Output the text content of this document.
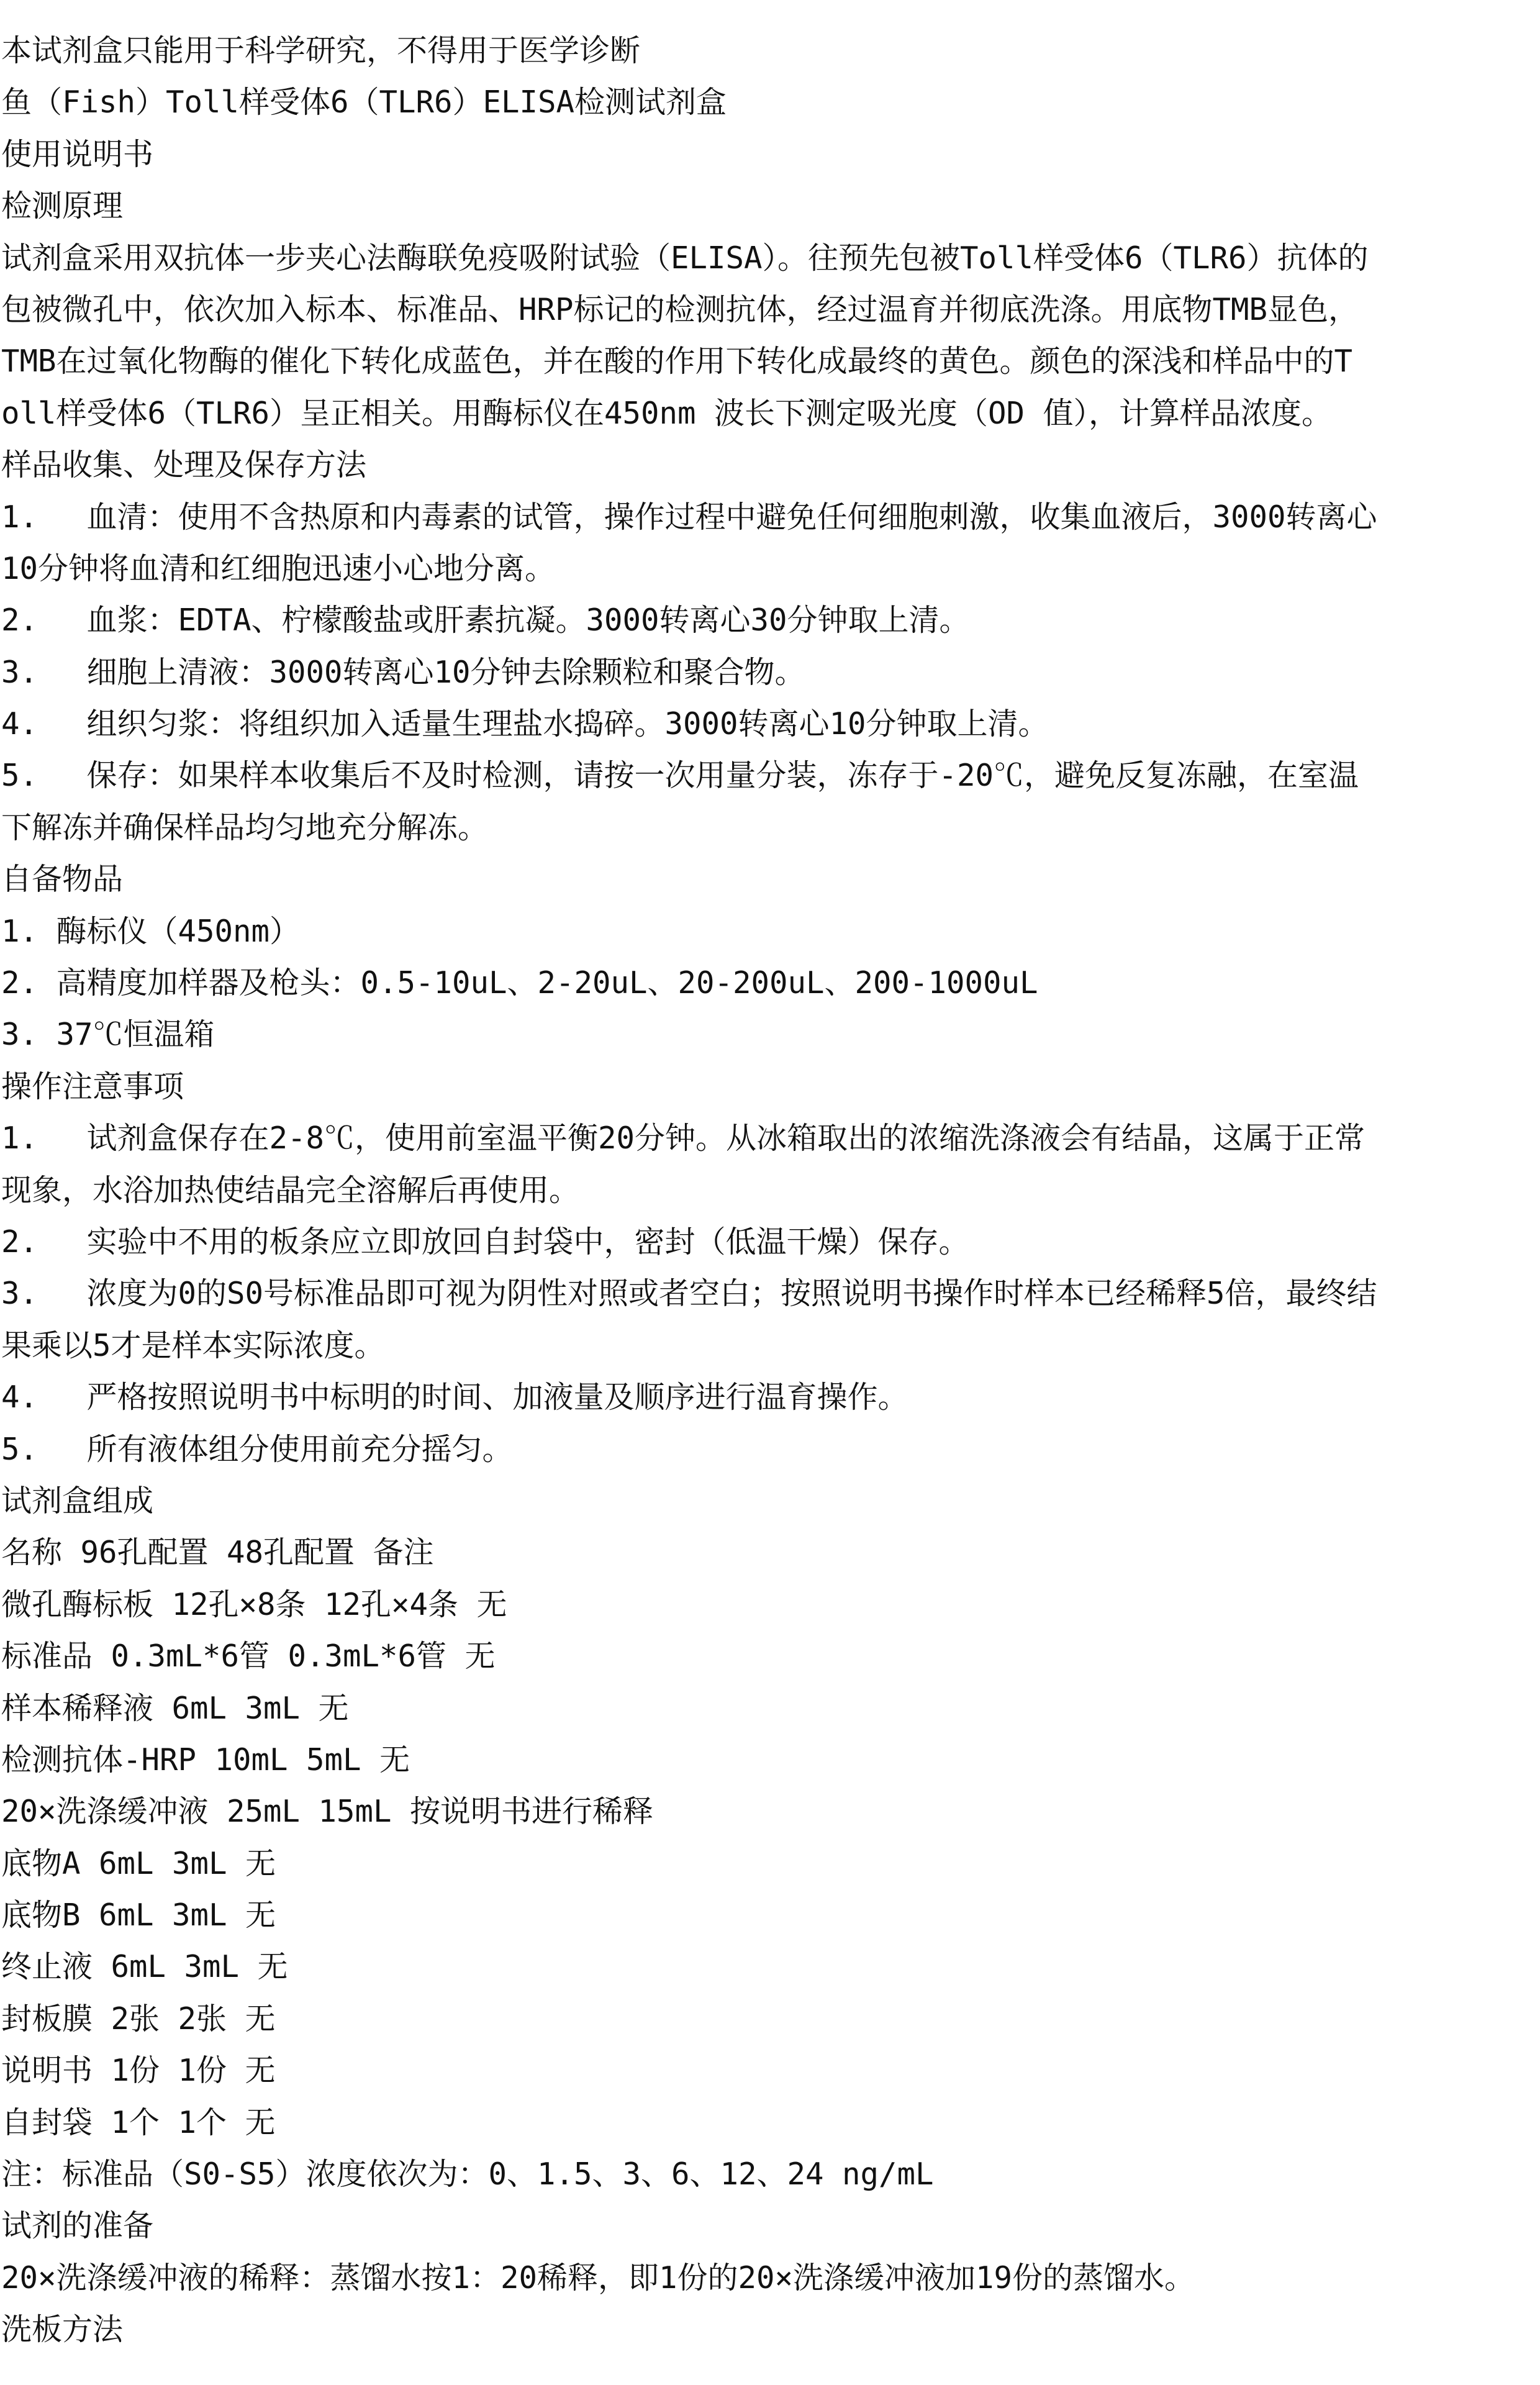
本试剂盒只能用于科学研究，不得用于医学诊断
鱼（Fish）Toll样受体6（TLR6）ELISA检测试剂盒
使用说明书
检测原理
试剂盒采用双抗体一步夹心法酶联免疫吸附试验（ELISA）。往预先包被Toll样受体6（TLR6）抗体的
包被微孔中，依次加入标本、标准品、HRP标记的检测抗体，经过温育并彻底洗涤。用底物TMB显色，
TMB在过氧化物酶的催化下转化成蓝色，并在酸的作用下转化成最终的黄色。颜色的深浅和样品中的T
oll样受体6（TLR6）呈正相关。用酶标仪在450nm 波长下测定吸光度（OD 值），计算样品浓度。
样品收集、处理及保存方法
1.　 血清：使用不含热原和内毒素的试管，操作过程中避免任何细胞刺激，收集血液后，3000转离心
10分钟将血清和红细胞迅速小心地分离。
2.　 血浆：EDTA、柠檬酸盐或肝素抗凝。3000转离心30分钟取上清。
3.　 细胞上清液：3000转离心10分钟去除颗粒和聚合物。
4.　 组织匀浆：将组织加入适量生理盐水捣碎。3000转离心10分钟取上清。
5.　 保存：如果样本收集后不及时检测，请按一次用量分装，冻存于-20℃，避免反复冻融，在室温
下解冻并确保样品均匀地充分解冻。
自备物品
1. 酶标仪（450nm）
2. 高精度加样器及枪头：0.5-10uL、2-20uL、20-200uL、200-1000uL
3. 37℃恒温箱
操作注意事项
1.　 试剂盒保存在2-8℃，使用前室温平衡20分钟。从冰箱取出的浓缩洗涤液会有结晶，这属于正常
现象，水浴加热使结晶完全溶解后再使用。
2.　 实验中不用的板条应立即放回自封袋中，密封（低温干燥）保存。
3.　 浓度为0的S0号标准品即可视为阴性对照或者空白；按照说明书操作时样本已经稀释5倍，最终结
果乘以5才是样本实际浓度。
4.　 严格按照说明书中标明的时间、加液量及顺序进行温育操作。
5.　 所有液体组分使用前充分摇匀。
试剂盒组成
名称 96孔配置 48孔配置 备注
微孔酶标板 12孔×8条 12孔×4条 无
标准品 0.3mL*6管 0.3mL*6管 无
样本稀释液 6mL 3mL 无
检测抗体-HRP 10mL 5mL 无
20×洗涤缓冲液 25mL 15mL 按说明书进行稀释
底物A 6mL 3mL 无
底物B 6mL 3mL 无
终止液 6mL 3mL 无
封板膜 2张 2张 无
说明书 1份 1份 无
自封袋 1个 1个 无
注：标准品（S0-S5）浓度依次为：0、1.5、3、6、12、24 ng/mL
试剂的准备
20×洗涤缓冲液的稀释：蒸馏水按1：20稀释，即1份的20×洗涤缓冲液加19份的蒸馏水。
洗板方法
